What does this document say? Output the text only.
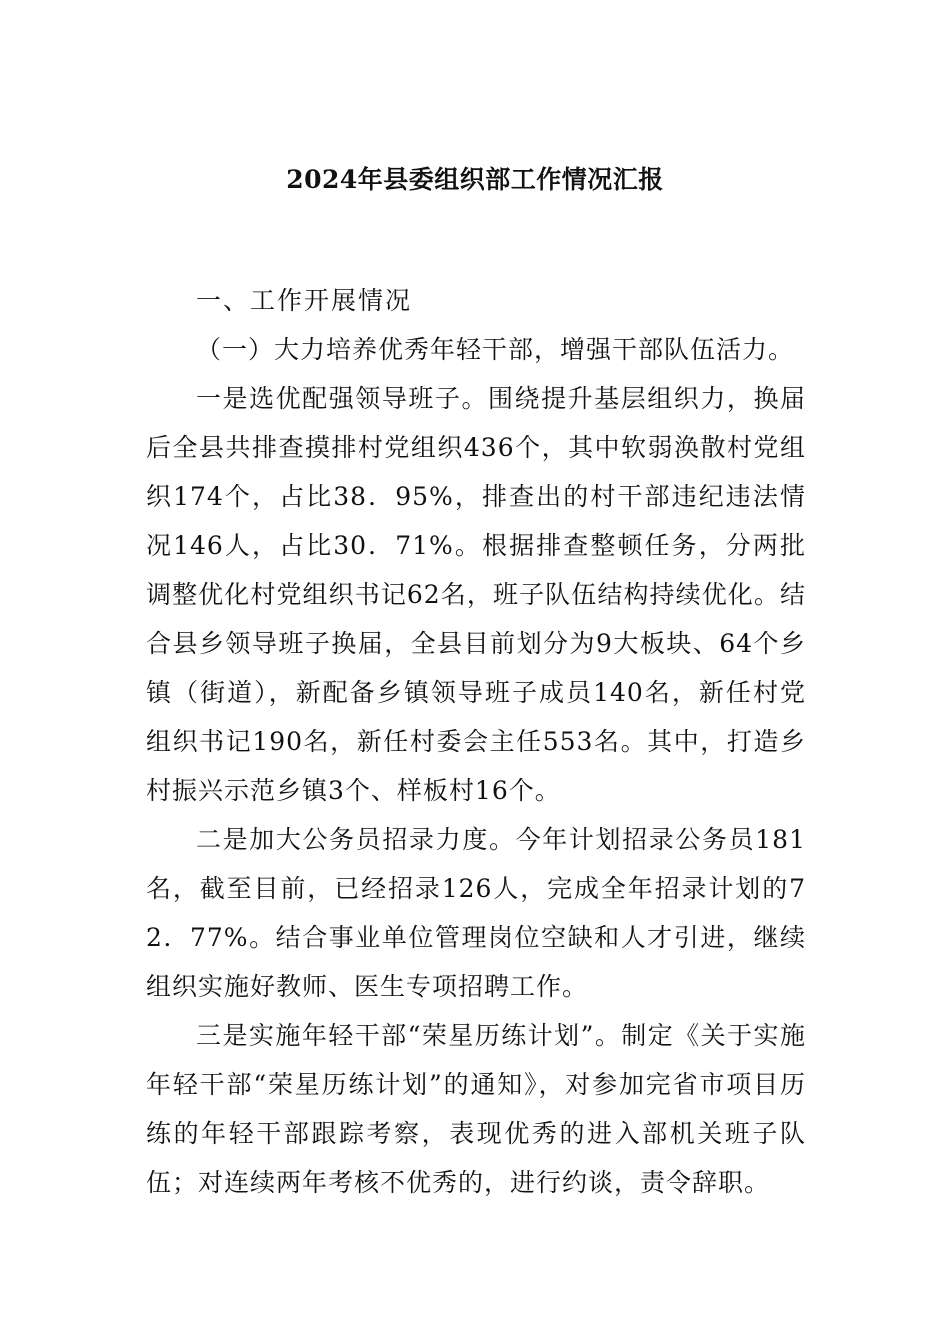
2024年县委组织部工作情况汇报

一、工作开展情况

（一）大力培养优秀年轻干部，增强干部队伍活力。

一是选优配强领导班子。围绕提升基层组织力，换届后全县共排查摸排村党组织436个，其中软弱涣散村党组织174个，占比38．95%，排查出的村干部违纪违法情况146人，占比30．71%。根据排查整顿任务，分两批调整优化村党组织书记62名，班子队伍结构持续优化。结合县乡领导班子换届，全县目前划分为9大板块、64个乡镇（街道），新配备乡镇领导班子成员140名，新任村党组织书记190名，新任村委会主任553名。其中，打造乡村振兴示范乡镇3个、样板村16个。

二是加大公务员招录力度。今年计划招录公务员181名，截至目前，已经招录126人，完成全年招录计划的72．77%。结合事业单位管理岗位空缺和人才引进，继续组织实施好教师、医生专项招聘工作。

三是实施年轻干部“荣星历练计划”。制定《关于实施年轻干部“荣星历练计划”的通知》，对参加完省市项目历练的年轻干部跟踪考察，表现优秀的进入部机关班子队伍；对连续两年考核不优秀的，进行约谈，责令辞职。
